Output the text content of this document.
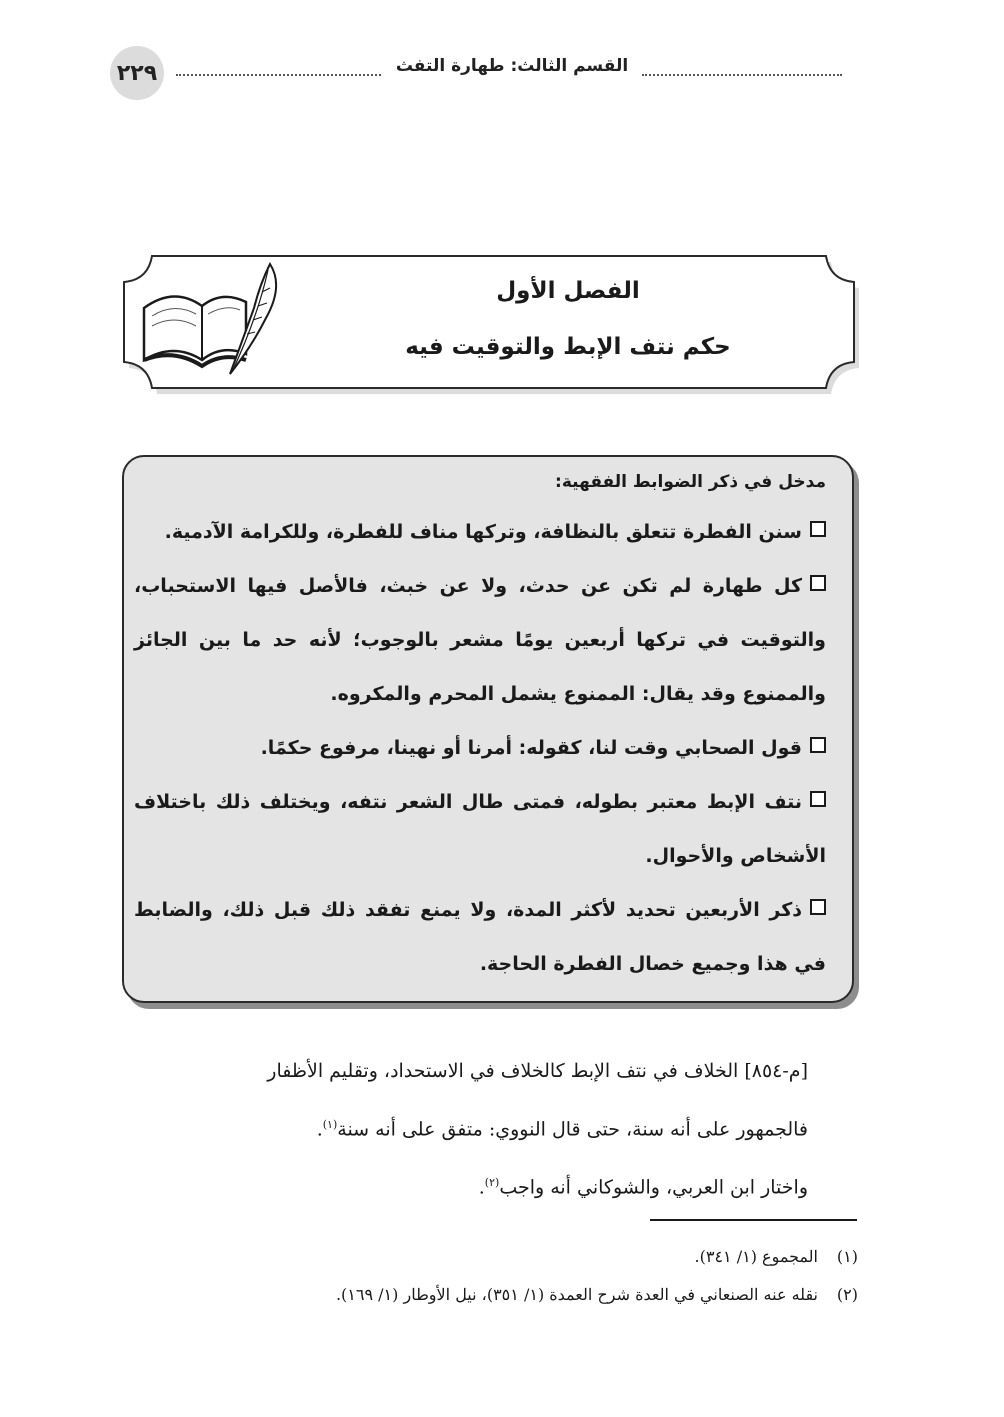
٢٢٩	القسم الثالث: طهارة التفث
الفصل الأول
حكم نتف الإبط والتوقيت فيه
مدخل في ذكر الضوابط الفقهية:
سنن الفطرة تتعلق بالنظافة، وتركها مناف للفطرة، وللكرامة الآدمية.
كل طهارة لم تكن عن حدث، ولا عن خبث، فالأصل فيها الاستحباب، والتوقيت في تركها أربعين يومًا مشعر بالوجوب؛ لأنه حد ما بين الجائز والممنوع وقد يقال: الممنوع يشمل المحرم والمكروه.
قول الصحابي وقت لنا، كقوله: أمرنا أو نهينا، مرفوع حكمًا.
نتف الإبط معتبر بطوله، فمتى طال الشعر نتفه، ويختلف ذلك باختلاف الأشخاص والأحوال.
ذكر الأربعين تحديد لأكثر المدة، ولا يمنع تفقد ذلك قبل ذلك، والضابط في هذا وجميع خصال الفطرة الحاجة.

[م-٨٥٤] الخلاف في نتف الإبط كالخلاف في الاستحداد، وتقليم الأظفار

فالجمهور على أنه سنة، حتى قال النووي: متفق على أنه سنة$^{(١)}$.

واختار ابن العربي، والشوكاني أنه واجب$^{(٢)}$.

(١)المجموع (١/ ٣٤١).

(٢)نقله عنه الصنعاني في العدة شرح العمدة (١/ ٣٥١)، نيل الأوطار (١/ ١٦٩).
